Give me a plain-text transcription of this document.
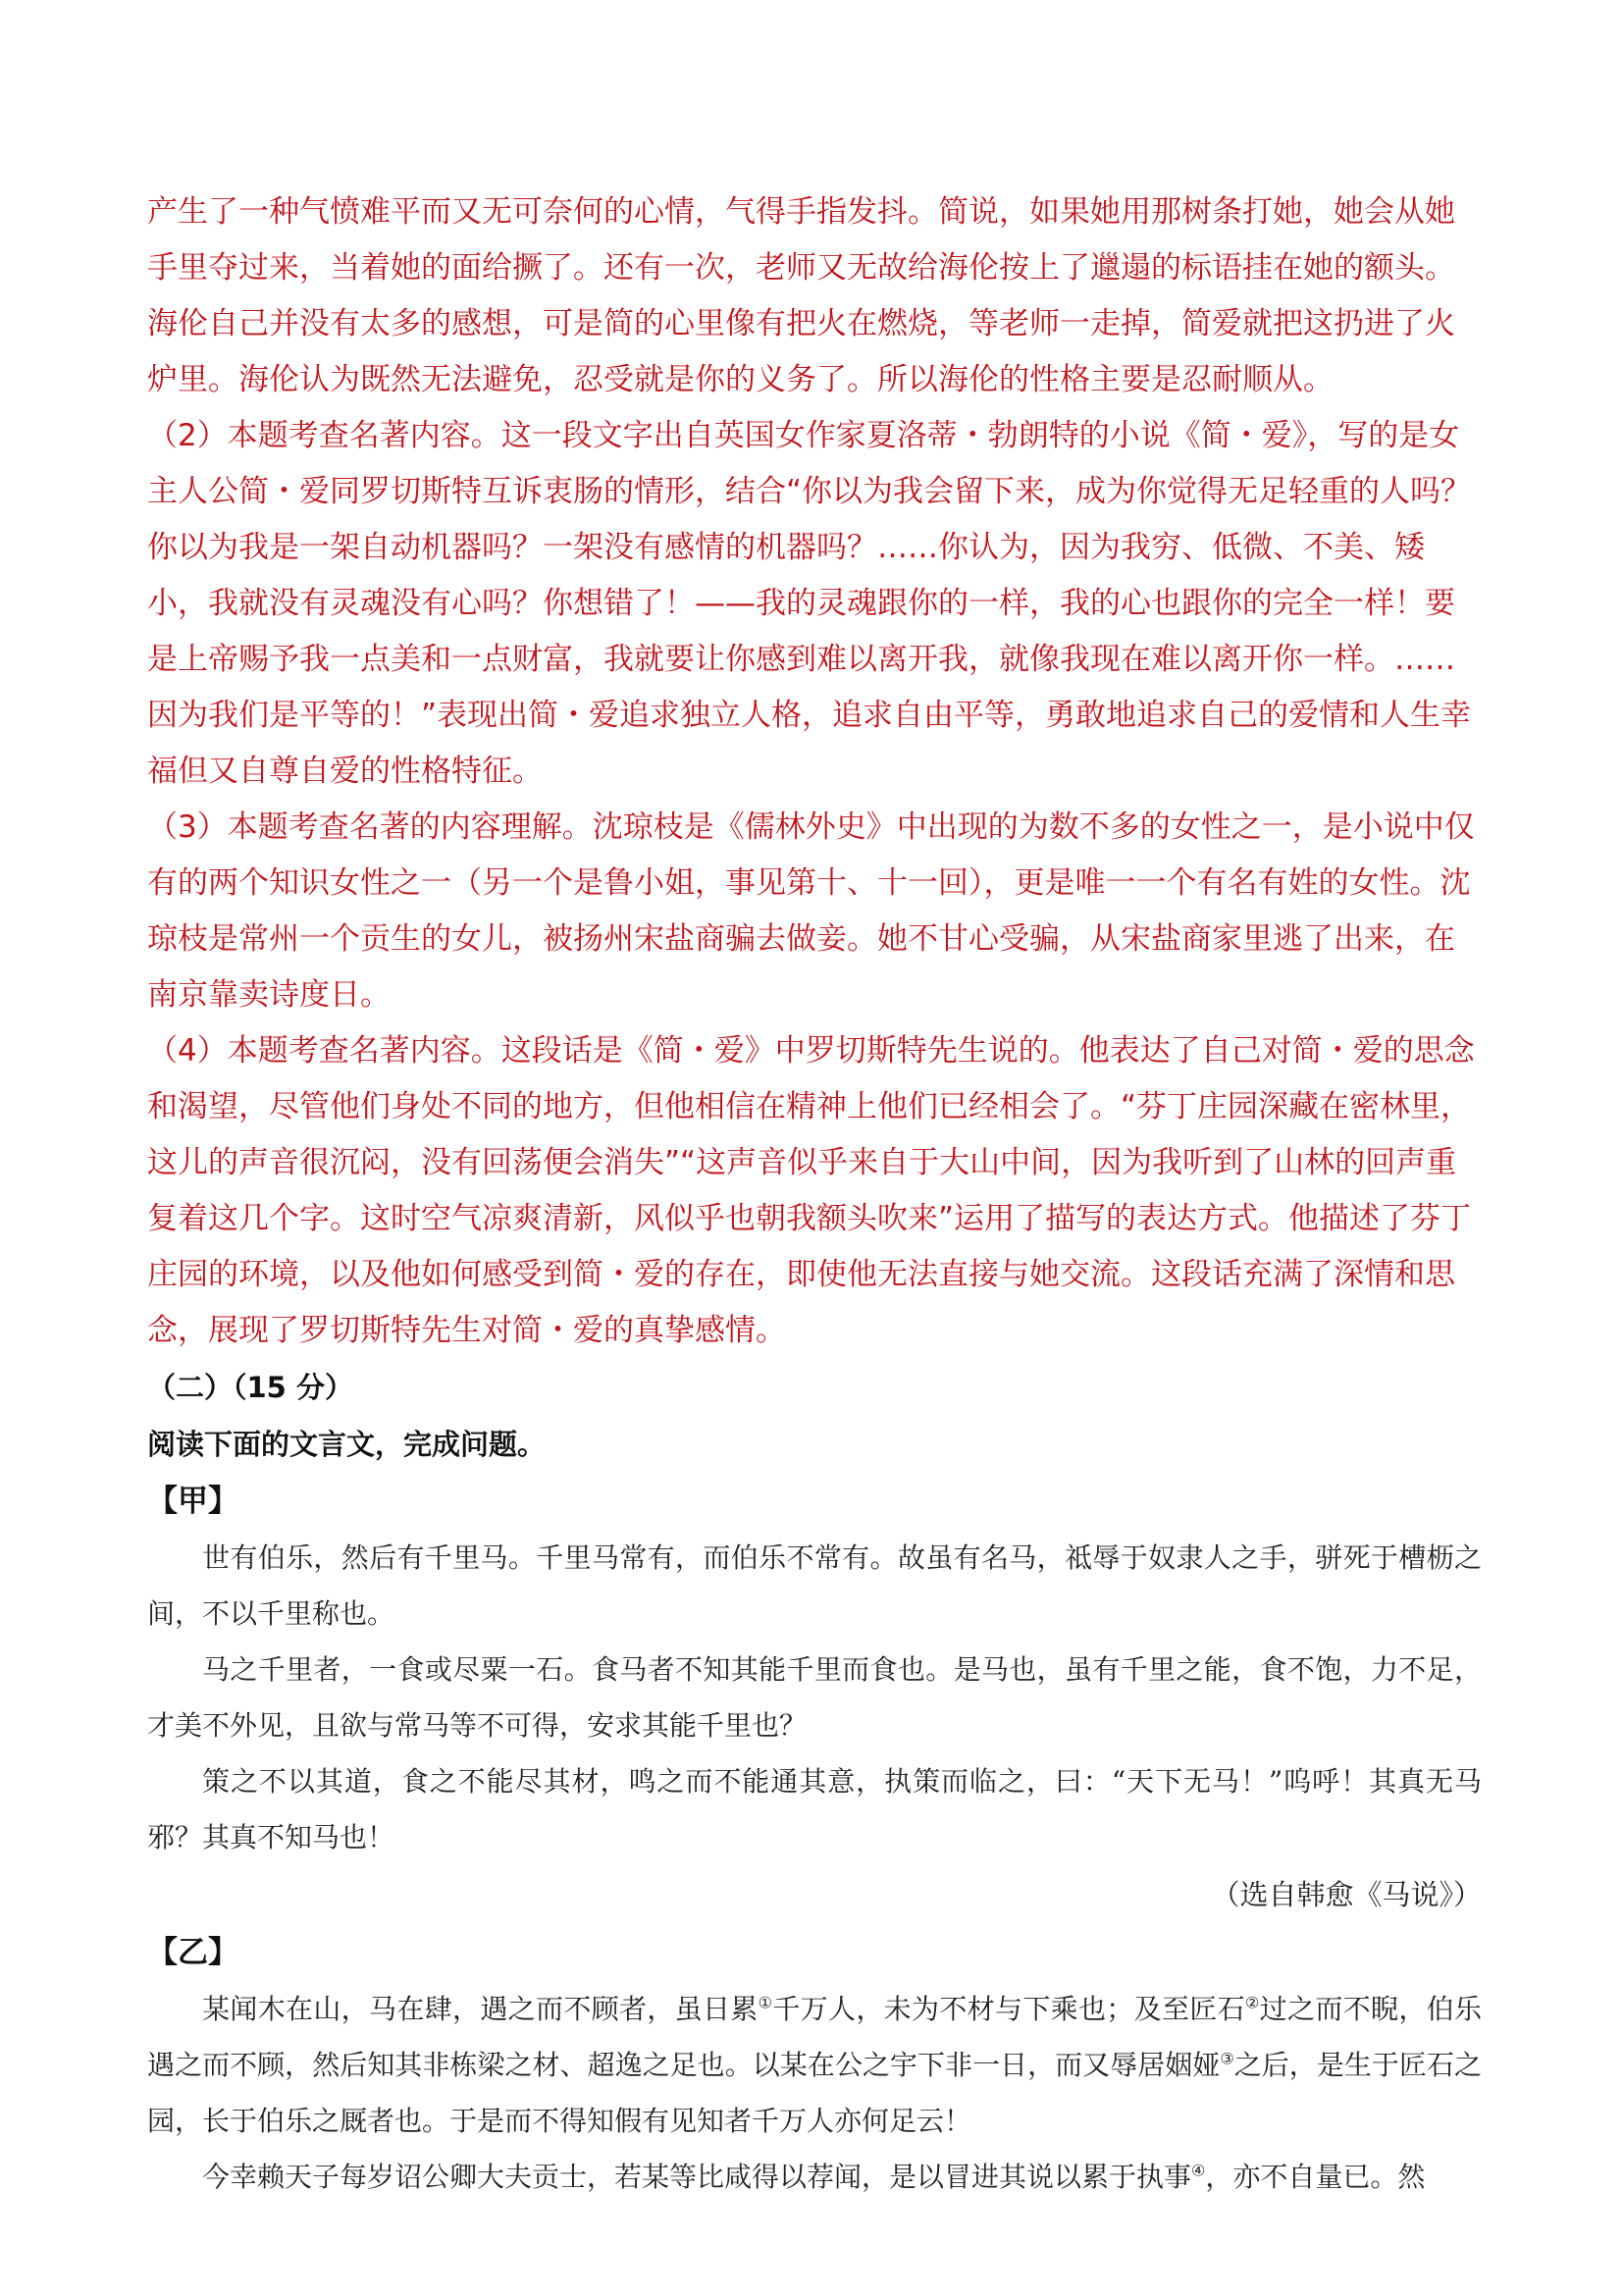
产生了一种气愤难平而又无可奈何的心情，气得手指发抖。简说，如果她用那树条打她，她会从她手里夺过来，当着她的面给撅了。还有一次，老师又无故给海伦按上了邋遢的标语挂在她的额头。海伦自己并没有太多的感想，可是简的心里像有把火在燃烧，等老师一走掉，简爱就把这扔进了火炉里。海伦认为既然无法避免，忍受就是你的义务了。所以海伦的性格主要是忍耐顺从。

（2）本题考查名著内容。这一段文字出自英国女作家夏洛蒂・勃朗特的小说《简・爱》，写的是女主人公简・爱同罗切斯特互诉衷肠的情形，结合“你以为我会留下来，成为你觉得无足轻重的人吗？你以为我是一架自动机器吗？一架没有感情的机器吗？……你认为，因为我穷、低微、不美、矮小，我就没有灵魂没有心吗？你想错了！——我的灵魂跟你的一样，我的心也跟你的完全一样！要是上帝赐予我一点美和一点财富，我就要让你感到难以离开我，就像我现在难以离开你一样。……因为我们是平等的！”表现出简・爱追求独立人格，追求自由平等，勇敢地追求自己的爱情和人生幸福但又自尊自爱的性格特征。

（3）本题考查名著的内容理解。沈琼枝是《儒林外史》中出现的为数不多的女性之一，是小说中仅有的两个知识女性之一（另一个是鲁小姐，事见第十、十一回），更是唯一一个有名有姓的女性。沈琼枝是常州一个贡生的女儿，被扬州宋盐商骗去做妾。她不甘心受骗，从宋盐商家里逃了出来，在南京靠卖诗度日。

（4）本题考查名著内容。这段话是《简・爱》中罗切斯特先生说的。他表达了自己对简・爱的思念和渴望，尽管他们身处不同的地方，但他相信在精神上他们已经相会了。“芬丁庄园深藏在密林里，这儿的声音很沉闷，没有回荡便会消失”“这声音似乎来自于大山中间，因为我听到了山林的回声重复着这几个字。这时空气凉爽清新，风似乎也朝我额头吹来”运用了描写的表达方式。他描述了芬丁庄园的环境，以及他如何感受到简・爱的存在，即使他无法直接与她交流。这段话充满了深情和思念，展现了罗切斯特先生对简・爱的真挚感情。

（二）（15 分）

阅读下面的文言文，完成问题。

【甲】

世有伯乐，然后有千里马。千里马常有，而伯乐不常有。故虽有名马，祗辱于奴隶人之手，骈死于槽枥之间，不以千里称也。

马之千里者，一食或尽粟一石。食马者不知其能千里而食也。是马也，虽有千里之能，食不饱，力不足，才美不外见，且欲与常马等不可得，安求其能千里也？

策之不以其道，食之不能尽其材，鸣之而不能通其意，执策而临之，曰：“天下无马！”呜呼！其真无马邪？其真不知马也！

（选自韩愈《马说》）

【乙】

某闻木在山，马在肆，遇之而不顾者，虽日累①千万人，未为不材与下乘也；及至匠石②过之而不睨，伯乐遇之而不顾，然后知其非栋梁之材、超逸之足也。以某在公之宇下非一日，而又辱居姻娅③之后，是生于匠石之园，长于伯乐之厩者也。于是而不得知假有见知者千万人亦何足云！

今幸赖天子每岁诏公卿大夫贡士，若某等比咸得以荐闻，是以冒进其说以累于执事④，亦不自量已。然
